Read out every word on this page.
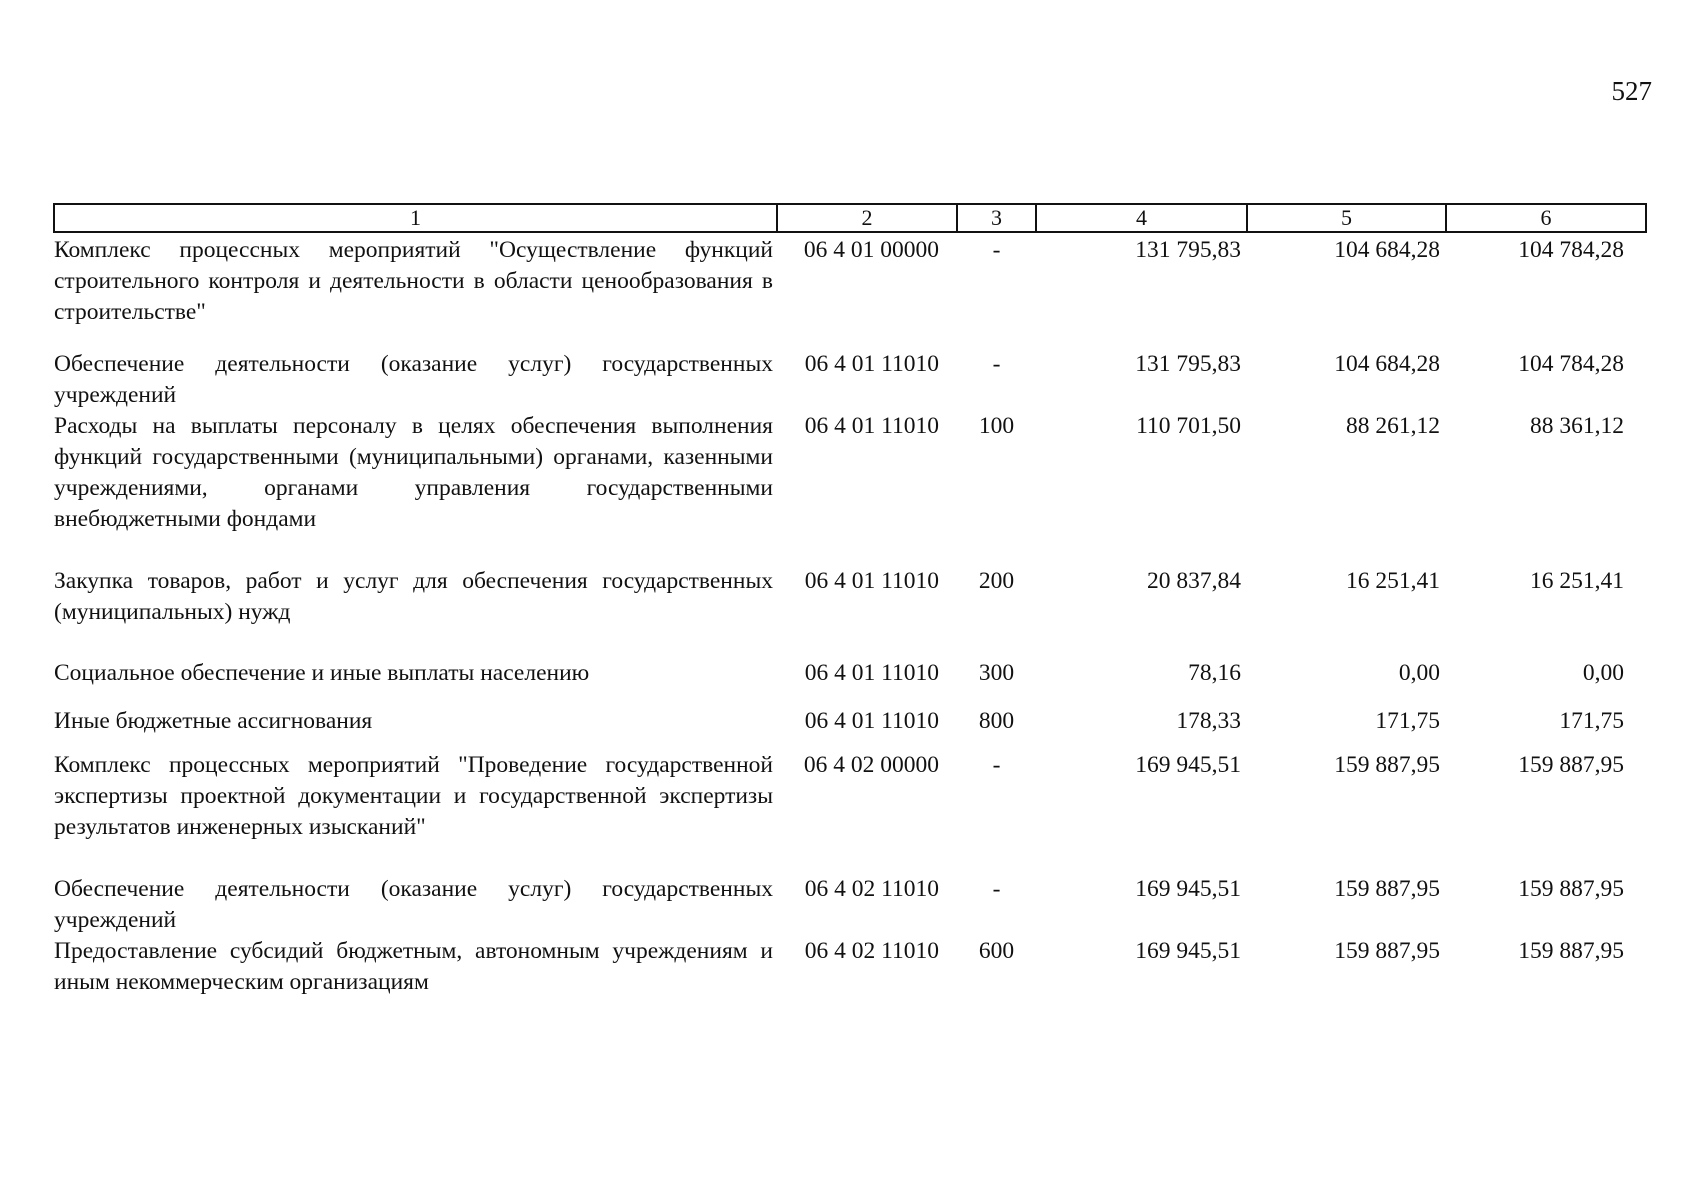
527
1	2	3	4	5	6
Комплекс процессных мероприятий "Осуществление функций строительного контроля и деятельности в области ценообразования в строительстве"	06 4 01 00000	-	131 795,83	104 684,28	104 784,28
Обеспечение деятельности (оказание услуг) государственных учреждений	06 4 01 11010	-	131 795,83	104 684,28	104 784,28
Расходы на выплаты персоналу в целях обеспечения выполнения функций государственными (муниципальными) органами, казенными учреждениями, органами управления государственными внебюджетными фондами	06 4 01 11010	100	110 701,50	88 261,12	88 361,12
Закупка товаров, работ и услуг для обеспечения государственных (муниципальных) нужд	06 4 01 11010	200	20 837,84	16 251,41	16 251,41
Социальное обеспечение и иные выплаты населению	06 4 01 11010	300	78,16	0,00	0,00
Иные бюджетные ассигнования	06 4 01 11010	800	178,33	171,75	171,75
Комплекс процессных мероприятий "Проведение государственной экспертизы проектной документации и государственной экспертизы результатов инженерных изысканий"	06 4 02 00000	-	169 945,51	159 887,95	159 887,95
Обеспечение деятельности (оказание услуг) государственных учреждений	06 4 02 11010	-	169 945,51	159 887,95	159 887,95
Предоставление субсидий бюджетным, автономным учреждениям и иным некоммерческим организациям	06 4 02 11010	600	169 945,51	159 887,95	159 887,95
